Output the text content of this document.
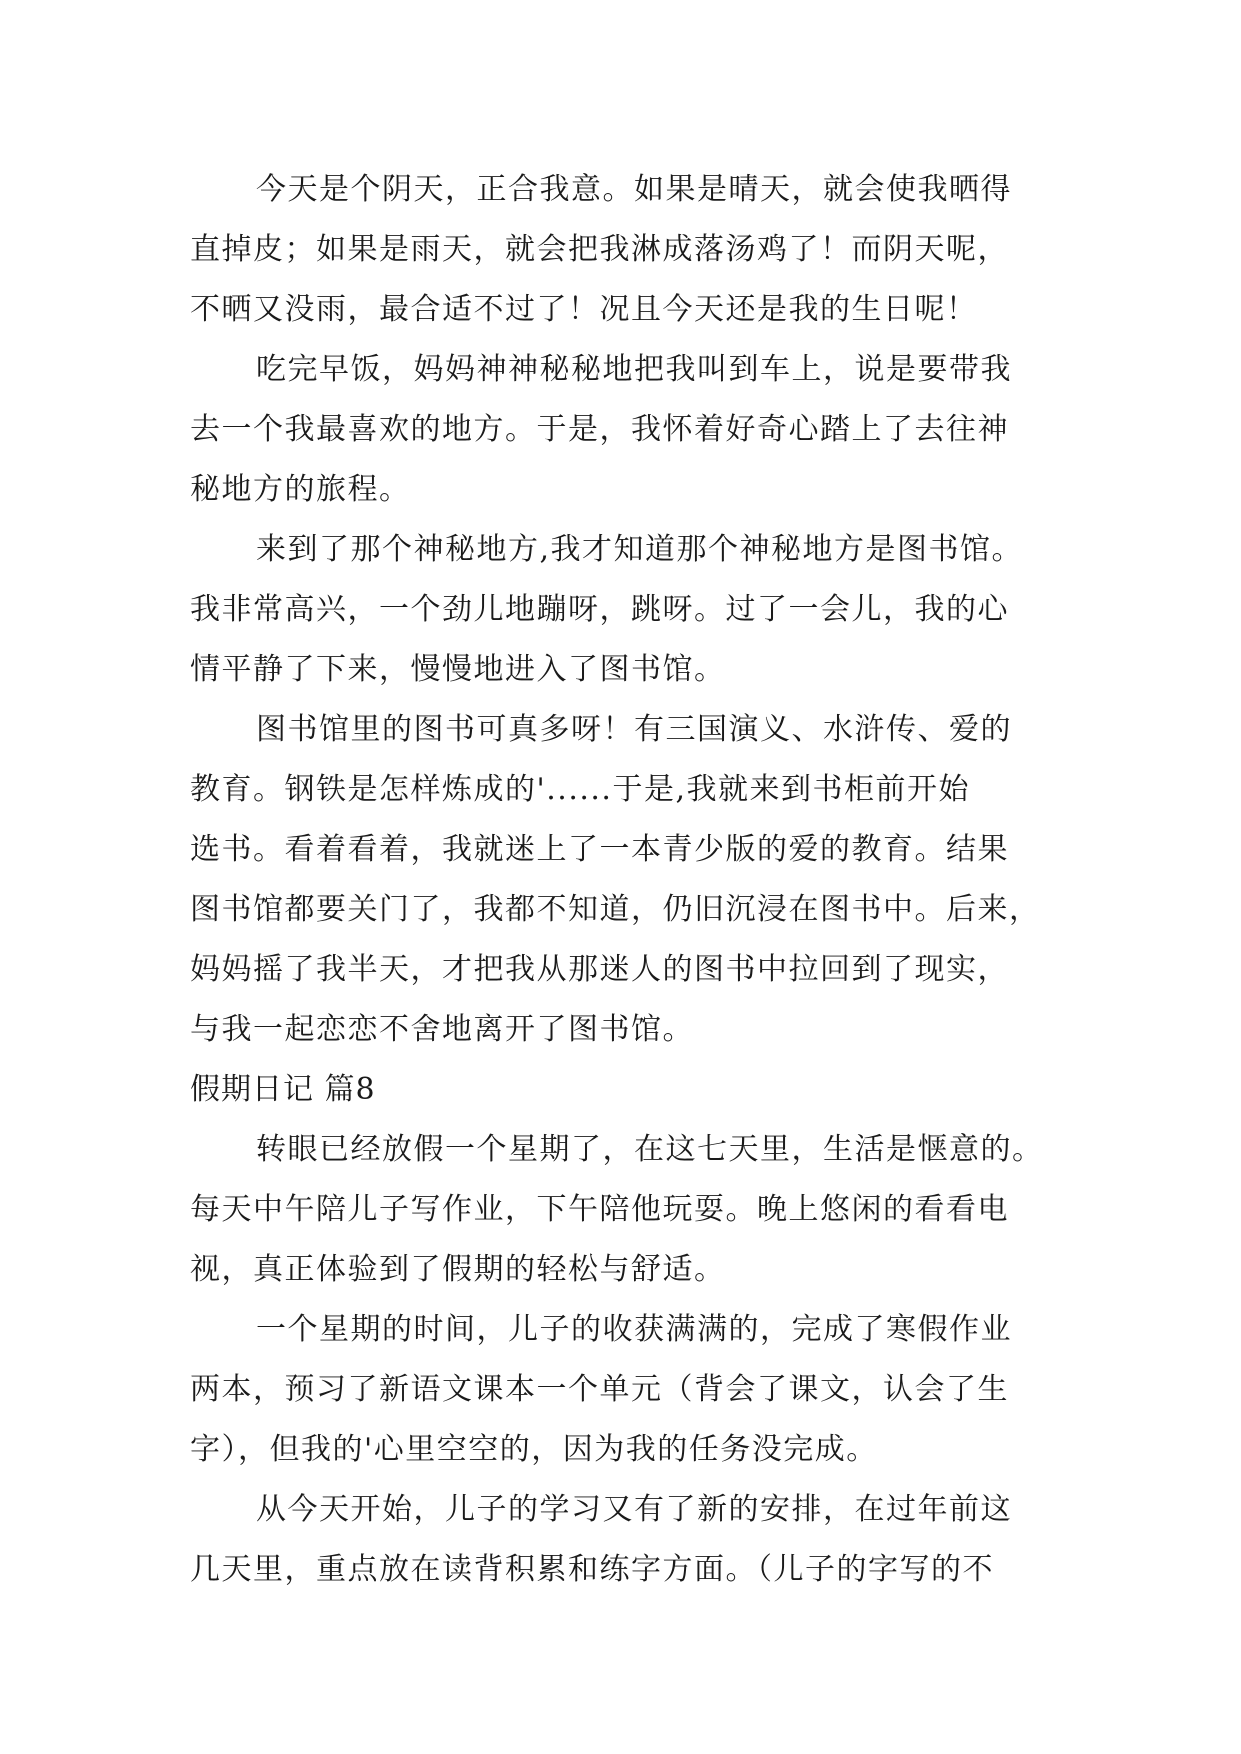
今天是个阴天，正合我意。如果是晴天，就会使我晒得
直掉皮；如果是雨天，就会把我淋成落汤鸡了！而阴天呢，
不晒又没雨，最合适不过了！况且今天还是我的生日呢！
吃完早饭，妈妈神神秘秘地把我叫到车上，说是要带我
去一个我最喜欢的地方。于是，我怀着好奇心踏上了去往神
秘地方的旅程。
来到了那个神秘地方,我才知道那个神秘地方是图书馆。
我非常高兴，一个劲儿地蹦呀，跳呀。过了一会儿，我的心
情平静了下来，慢慢地进入了图书馆。
图书馆里的图书可真多呀！有三国演义、水浒传、爱的
教育。钢铁是怎样炼成的'......于是,我就来到书柜前开始
选书。看着看着，我就迷上了一本青少版的爱的教育。结果
图书馆都要关门了，我都不知道，仍旧沉浸在图书中。后来，
妈妈摇了我半天，才把我从那迷人的图书中拉回到了现实，
与我一起恋恋不舍地离开了图书馆。
假期日记 篇8
转眼已经放假一个星期了，在这七天里，生活是惬意的。
每天中午陪儿子写作业，下午陪他玩耍。晚上悠闲的看看电
视，真正体验到了假期的轻松与舒适。
一个星期的时间，儿子的收获满满的，完成了寒假作业
两本，预习了新语文课本一个单元（背会了课文，认会了生
字），但我的'心里空空的，因为我的任务没完成。
从今天开始，儿子的学习又有了新的安排，在过年前这
几天里，重点放在读背积累和练字方面。（儿子的字写的不
